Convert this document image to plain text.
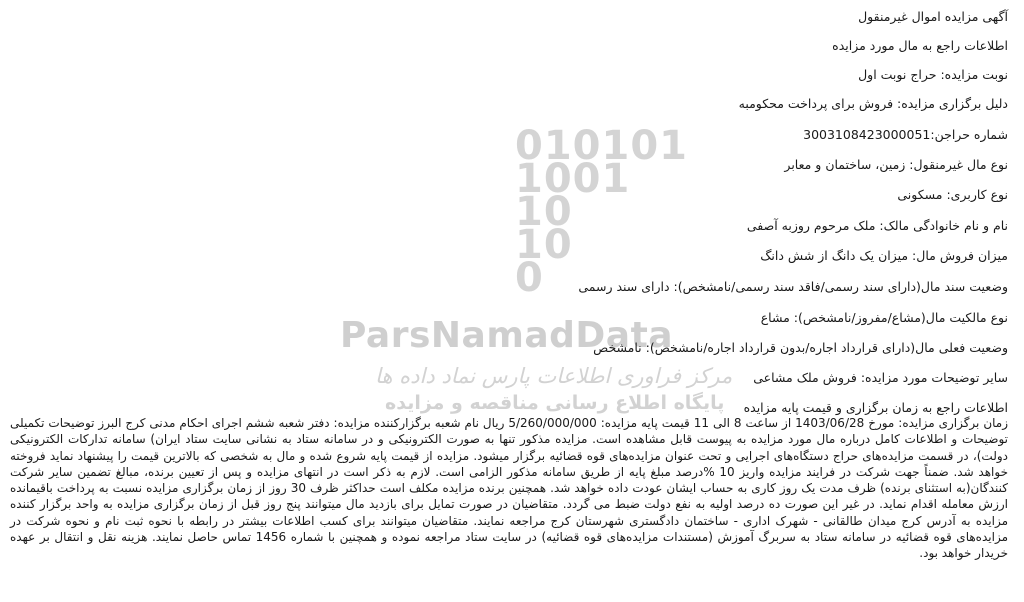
010101
1001
10
10
0
ParsNamadData
مرکز فراوری اطلاعات پارس نماد داده ها
پایگاه اطلاع رسانی مناقصه و مزایده
آگهی مزایده اموال غیرمنقول
اطلاعات راجع به مال مورد مزایده
نوبت مزایده: حراج نوبت اول
دلیل برگزاری مزایده: فروش برای پرداخت محکومبه
شماره حراجن:3003108423000051
نوع مال غیرمنقول: زمین، ساختمان و معابر
نوع کاربری: مسکونی
نام و نام خانوادگی مالک: ملک مرحوم روزبه آصفی
میزان فروش مال: میزان یک دانگ از شش دانگ
وضعیت سند مال(دارای سند رسمی/فاقد سند رسمی/نامشخص): دارای سند رسمی
نوع مالکیت مال(مشاع/مفروز/نامشخص): مشاع
وضعیت فعلی مال(دارای قرارداد اجاره/بدون قرارداد اجاره/نامشخص): نامشخص
سایر توضیحات مورد مزایده: فروش ملک مشاعی
اطلاعات راجع به زمان برگزاری و قیمت پایه مزایده
زمان برگزاری مزایده: مورخ 1403/06/28 از ساعت 8 الی 11 قیمت پایه مزایده: 5/260/000/000 ریال نام شعبه برگزارکننده مزایده: دفتر شعبه ششم اجرای احکام مدنی کرج البرز توضیحات تکمیلی توضیحات و اطلاعات کامل درباره مال مورد مزایده به پیوست قابل مشاهده است. مزایده مذکور تنها به صورت الکترونیکی و در سامانه ستاد به نشانی سایت ستاد ایران) سامانه تدارکات الکترونیکی دولت)، در قسمت مزایده‌های حراج دستگاه‌های اجرایی و تحت عنوان مزایده‌های قوه قضائیه برگزار میشود. مزایده از قیمت پایه شروع شده و مال به شخصی که بالاترین قیمت را پیشنهاد نماید فروخته خواهد شد. ضمناً جهت شرکت در فرایند مزایده واریز 10 %درصد مبلغ پایه از طریق سامانه مذکور الزامی است. لازم به ذکر است در انتهای مزایده و پس از تعیین برنده، مبالغ تضمین سایر شرکت کنندگان(به استثنای برنده) ظرف مدت یک روز کاری به حساب ایشان عودت داده خواهد شد. همچنین برنده مزایده مکلف است حداکثر ظرف 30 روز از زمان برگزاری مزایده نسبت به پرداخت باقیمانده ارزش معامله اقدام نماید. در غیر این صورت ده درصد اولیه به نفع دولت ضبط می گردد. متقاضیان در صورت تمایل برای بازدید مال میتوانند پنج روز قبل از زمان برگزاری مزایده به واحد برگزار کننده مزایده به آدرس کرج میدان طالقانی - شهرک اداری - ساختمان دادگستری شهرستان کرج مراجعه نمایند. متقاضیان میتوانند برای کسب اطلاعات بیشتر در رابطه با نحوه ثبت نام و نحوه شرکت در مزایده‌های قوه قضائیه در سامانه ستاد به سربرگ آموزش (مستندات مزایده‌های قوه قضائیه) در سایت ستاد مراجعه نموده و همچنین با شماره 1456 تماس حاصل نمایند. هزینه نقل و انتقال بر عهده خریدار خواهد بود.
